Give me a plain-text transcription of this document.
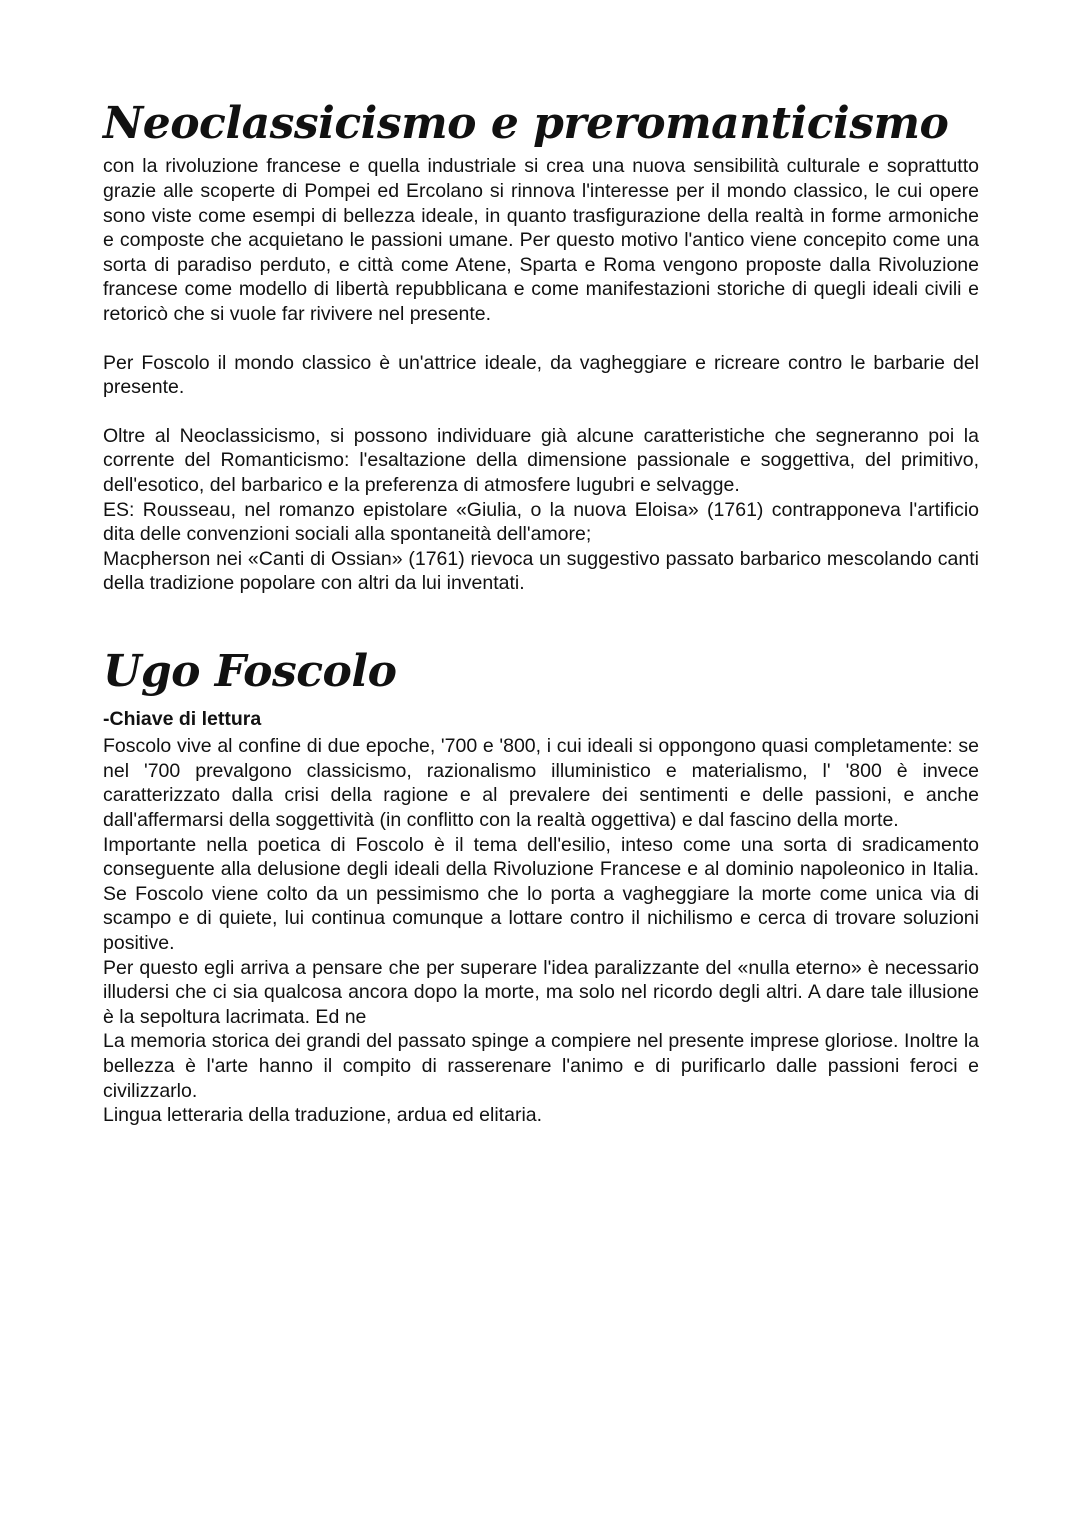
Neoclassicismo e preromanticismo

con la rivoluzione francese e quella industriale si crea una nuova sensibilità culturale e soprattutto grazie alle scoperte di Pompei ed Ercolano si rinnova l'interesse per il mondo classico, le cui opere sono viste come esempi di bellezza ideale, in quanto trasfigurazione della realtà in forme armoniche e composte che acquietano le passioni umane. Per questo motivo l'antico viene concepito come una sorta di paradiso perduto, e città come Atene, Sparta e Roma vengono proposte dalla Rivoluzione francese come modello di libertà repubblicana e come manifestazioni storiche di quegli ideali civili e retoricò che si vuole far rivivere nel presente.

Per Foscolo il mondo classico è un'attrice ideale, da vagheggiare e ricreare contro le barbarie del presente.

Oltre al Neoclassicismo, si possono individuare già alcune caratteristiche che segneranno poi la corrente del Romanticismo: l'esaltazione della dimensione passionale e soggettiva, del primitivo, dell'esotico, del barbarico e la preferenza di atmosfere lugubri e selvagge.

ES: Rousseau, nel romanzo epistolare «Giulia, o la nuova Eloisa» (1761) contrapponeva l'artificio dita delle convenzioni sociali alla spontaneità dell'amore;

Macpherson nei «Canti di Ossian» (1761) rievoca un suggestivo passato barbarico mescolando canti della tradizione popolare con altri da lui inventati.

Ugo Foscolo
-Chiave di lettura

Foscolo vive al confine di due epoche, '700 e '800, i cui ideali si oppongono quasi completamente: se nel '700 prevalgono classicismo, razionalismo illuministico e materialismo, l' '800 è invece caratterizzato dalla crisi della ragione e al prevalere dei sentimenti e delle passioni, e anche dall'affermarsi della soggettività (in conflitto con la realtà oggettiva) e dal fascino della morte.

Importante nella poetica di Foscolo è il tema dell'esilio, inteso come una sorta di sradicamento conseguente alla delusione degli ideali della Rivoluzione Francese e al dominio napoleonico in Italia. Se Foscolo viene colto da un pessimismo che lo porta a vagheggiare la morte come unica via di scampo e di quiete, lui continua comunque a lottare contro il nichilismo e cerca di trovare soluzioni positive.

Per questo egli arriva a pensare che per superare l'idea paralizzante del «nulla eterno» è necessario illudersi che ci sia qualcosa ancora dopo la morte, ma solo nel ricordo degli altri. A dare tale illusione è la sepoltura lacrimata. Ed ne

La memoria storica dei grandi del passato spinge a compiere nel presente imprese gloriose. Inoltre la bellezza è l'arte hanno il compito di rasserenare l'animo e di purificarlo dalle passioni feroci e civilizzarlo.

Lingua letteraria della traduzione, ardua ed elitaria.
